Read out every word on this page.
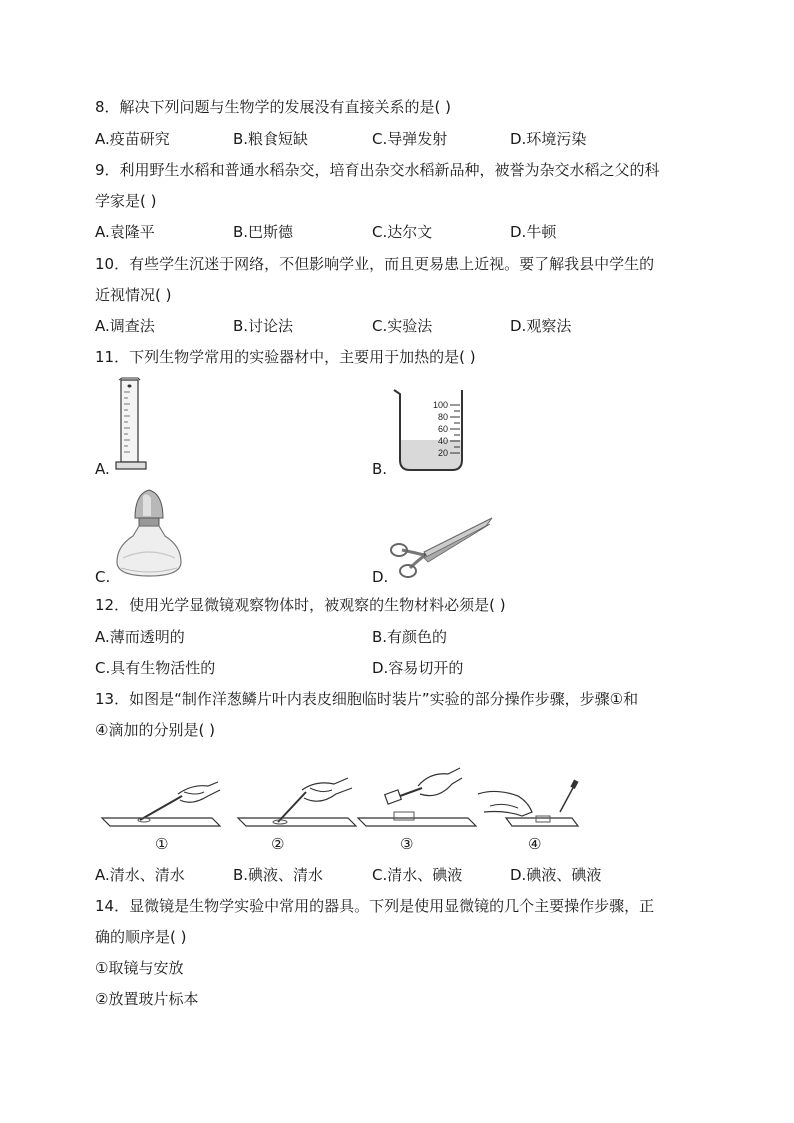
8．解决下列问题与生物学的发展没有直接关系的是( )
A.疫苗研究	B.粮食短缺	C.导弹发射	D.环境污染
9．利用野生水稻和普通水稻杂交，培育出杂交水稻新品种，被誉为杂交水稻之父的科
学家是( )
A.袁隆平	B.巴斯德	C.达尔文	D.牛顿
10．有些学生沉迷于网络，不但影响学业，而且更易患上近视。要了解我县中学生的
近视情况( )
A.调查法	B.讨论法	C.实验法	D.观察法
11．下列生物学常用的实验器材中，主要用于加热的是( )
A.
100
80
60
40
20
B.
C.	D.
12．使用光学显微镜观察物体时，被观察的生物材料必须是( )
A.薄而透明的	B.有颜色的
C.具有生物活性的	D.容易切开的
13．如图是“制作洋葱鳞片叶内表皮细胞临时装片”实验的部分操作步骤，步骤①和
④滴加的分别是( )
①	②	③	④
A.清水、清水	B.碘液、清水	C.清水、碘液	D.碘液、碘液
14．显微镜是生物学实验中常用的器具。下列是使用显微镜的几个主要操作步骤，正
确的顺序是( )
①取镜与安放
②放置玻片标本
